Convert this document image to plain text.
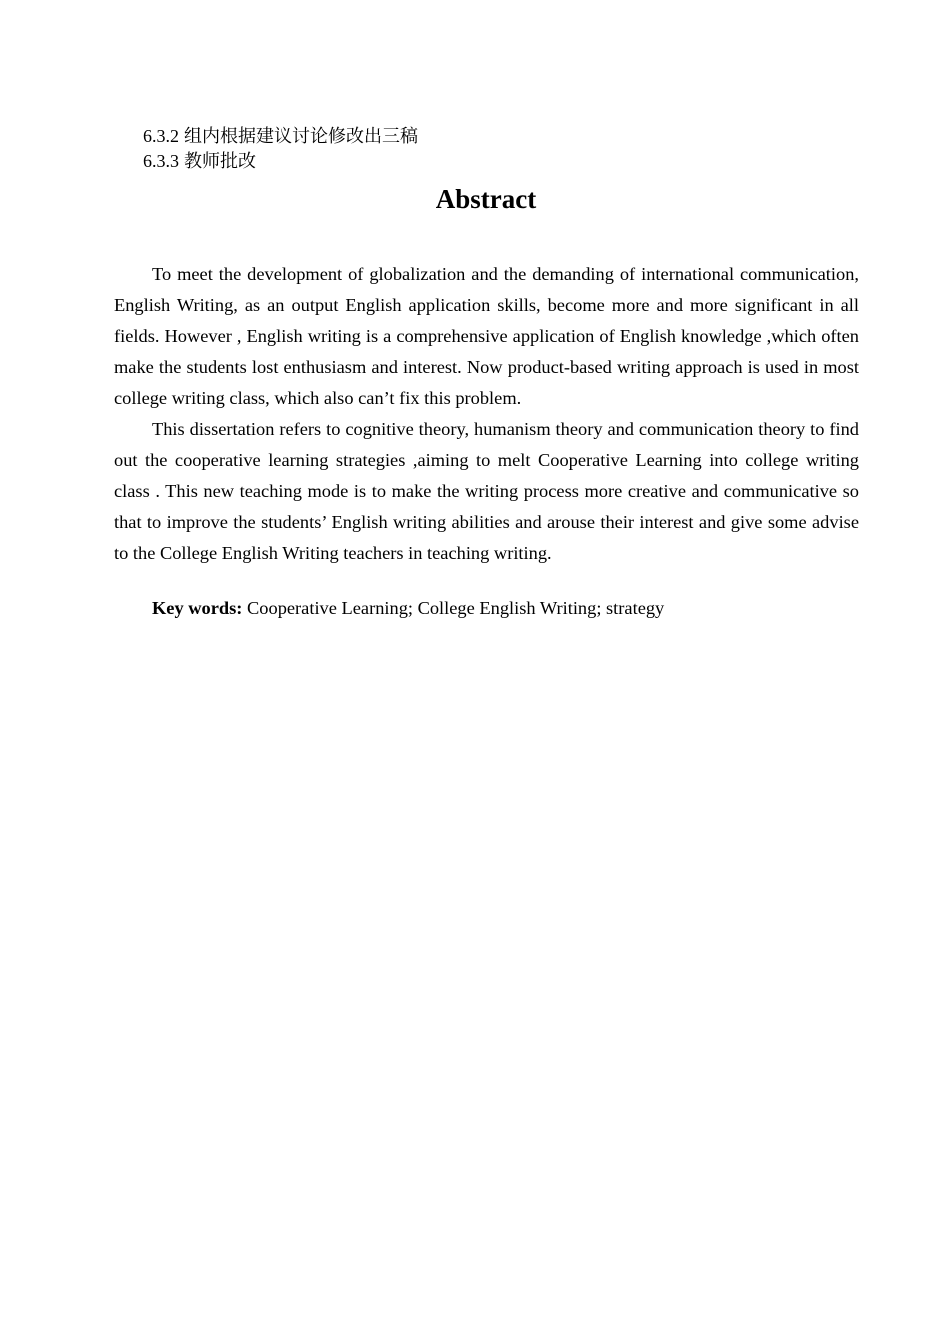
6.3.2 组内根据建议讨论修改出三稿
6.3.3 教师批改
Abstract

To meet the development of globalization and the demanding of international communication, English Writing, as an output English application skills, become more and more significant in all fields. However , English writing is a comprehensive application of English knowledge ,which often make the students lost enthusiasm and interest. Now product-based writing approach is used in most college writing class, which also can’t fix this problem.

This dissertation refers to cognitive theory, humanism theory and communication theory to find out the cooperative learning strategies ,aiming to melt Cooperative Learning into college writing class . This new teaching mode is to make the writing process more creative and communicative so that to improve the students’ English writing abilities and arouse their interest and give some advise to the College English Writing teachers in teaching writing.

Key words: Cooperative Learning; College English Writing; strategy
